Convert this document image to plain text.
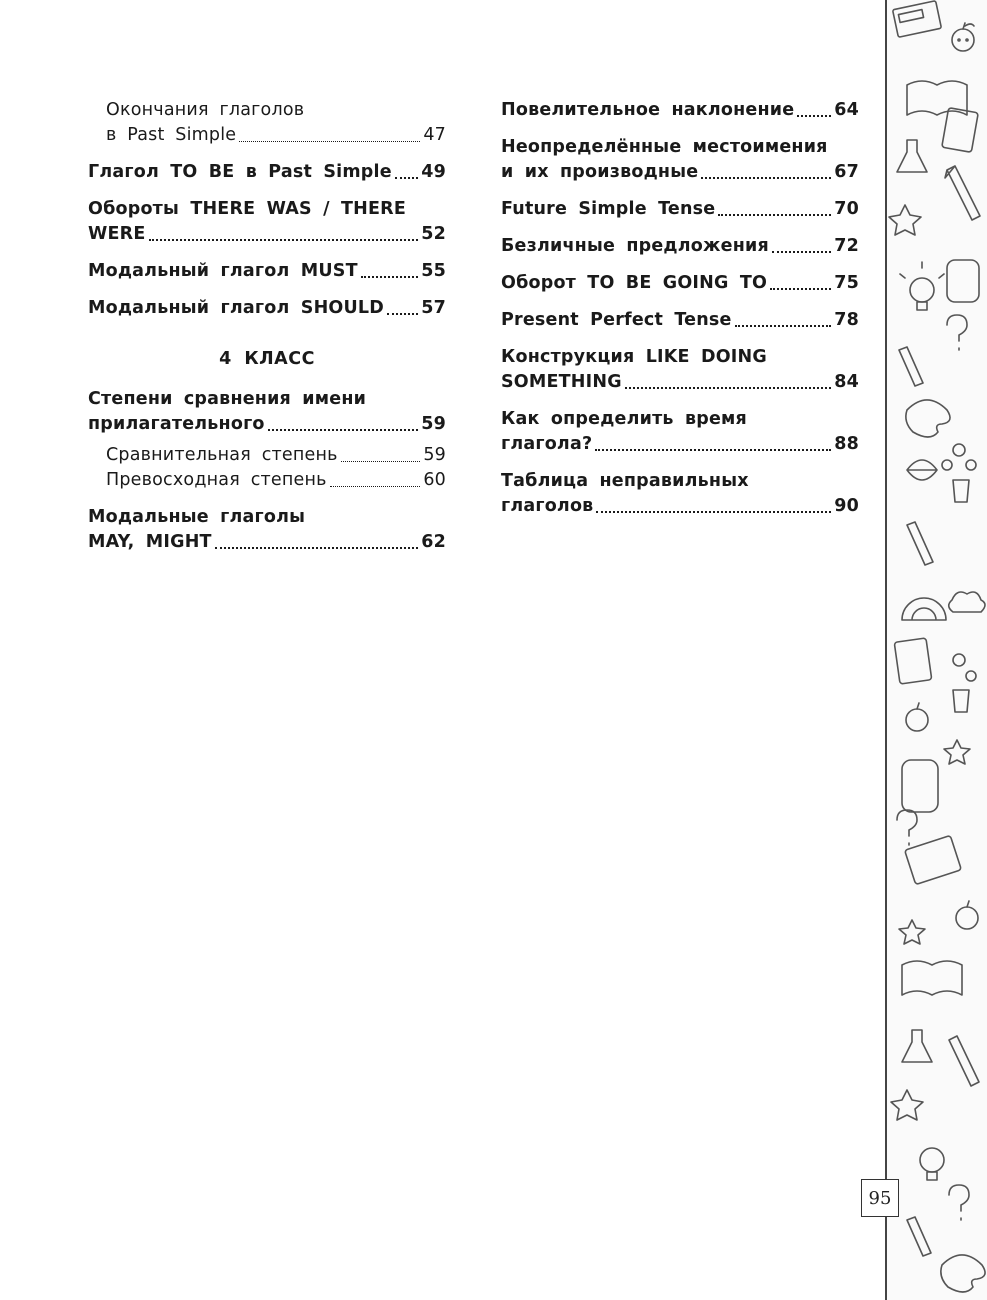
Окончания глаголов
в Past Simple	47
Глагол TO BE в Past Simple 49
Обороты THERE WAS / THERE
WERE	52
Модальный глагол MUST	55
Модальный глагол SHOULD 57
4 КЛАСС
Степени сравнения имени
прилагательного	59
Сравнительная степень	59
Превосходная степень	60
Модальные глаголы
MAY, MIGHT	62
Повелительное наклонение 64
Неопределённые местоимения
и их производные	67
Future Simple Tense	70
Безличные предложения	72
Оборот TO BE GOING TO	75
Present Perfect Tense	78
Конструкция LIKE DOING
SOMETHING	84
Как определить время
глагола?	88
Таблица неправильных
глаголов	90
95
